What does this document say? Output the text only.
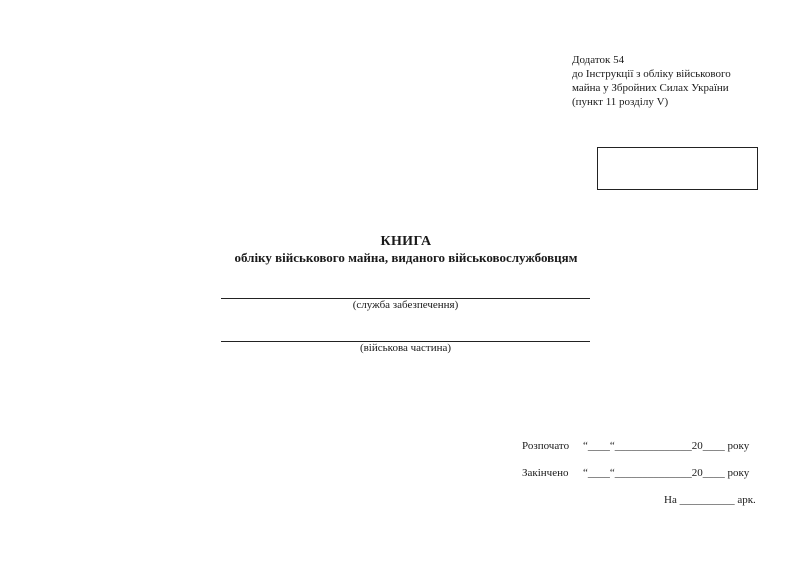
Додаток 54
до Інструкції з обліку військового
майна у Збройних Силах України
(пункт 11 розділу V)
КНИГА
обліку військового майна, виданого військовослужбовцям
(служба забезпечення)
(військова частина)
Розпочато “____“______________20____ року
Закінчено “____“______________20____ року
На __________ арк.
